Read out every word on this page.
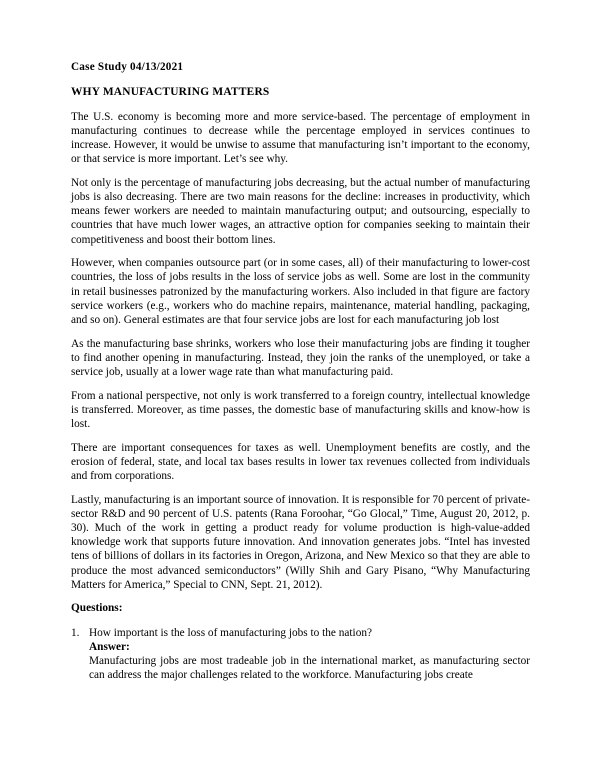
Case Study 04/13/2021
WHY MANUFACTURING MATTERS

The U.S. economy is becoming more and more service-based. The percentage of employment in manufacturing continues to decrease while the percentage employed in services continues to increase. However, it would be unwise to assume that manufacturing isn’t important to the economy, or that service is more important. Let’s see why.

Not only is the percentage of manufacturing jobs decreasing, but the actual number of manufacturing jobs is also decreasing. There are two main reasons for the decline: increases in productivity, which means fewer workers are needed to maintain manufacturing output; and outsourcing, especially to countries that have much lower wages, an attractive option for companies seeking to maintain their competitiveness and boost their bottom lines.

However, when companies outsource part (or in some cases, all) of their manufacturing to lower-cost countries, the loss of jobs results in the loss of service jobs as well. Some are lost in the community in retail businesses patronized by the manufacturing workers. Also included in that figure are factory service workers (e.g., workers who do machine repairs, maintenance, material handling, packaging, and so on). General estimates are that four service jobs are lost for each manufacturing job lost

As the manufacturing base shrinks, workers who lose their manufacturing jobs are finding it tougher to find another opening in manufacturing. Instead, they join the ranks of the unemployed, or take a service job, usually at a lower wage rate than what manufacturing paid.

From a national perspective, not only is work transferred to a foreign country, intellectual knowledge is transferred. Moreover, as time passes, the domestic base of manufacturing skills and know-how is lost.

There are important consequences for taxes as well. Unemployment benefits are costly, and the erosion of federal, state, and local tax bases results in lower tax revenues collected from individuals and from corporations.

Lastly, manufacturing is an important source of innovation. It is responsible for 70 percent of private-sector R&D and 90 percent of U.S. patents (Rana Foroohar, “Go Glocal,” Time, August 20, 2012, p. 30). Much of the work in getting a product ready for volume production is high-value-added knowledge work that supports future innovation. And innovation generates jobs. “Intel has invested tens of billions of dollars in its factories in Oregon, Arizona, and New Mexico so that they are able to produce the most advanced semiconductors” (Willy Shih and Gary Pisano, “Why Manufacturing Matters for America,” Special to CNN, Sept. 21, 2012).

Questions:
1. How important is the loss of manufacturing jobs to the nation?
Answer:
Manufacturing jobs are most tradeable job in the international market, as manufacturing sector can address the major challenges related to the workforce. Manufacturing jobs create
